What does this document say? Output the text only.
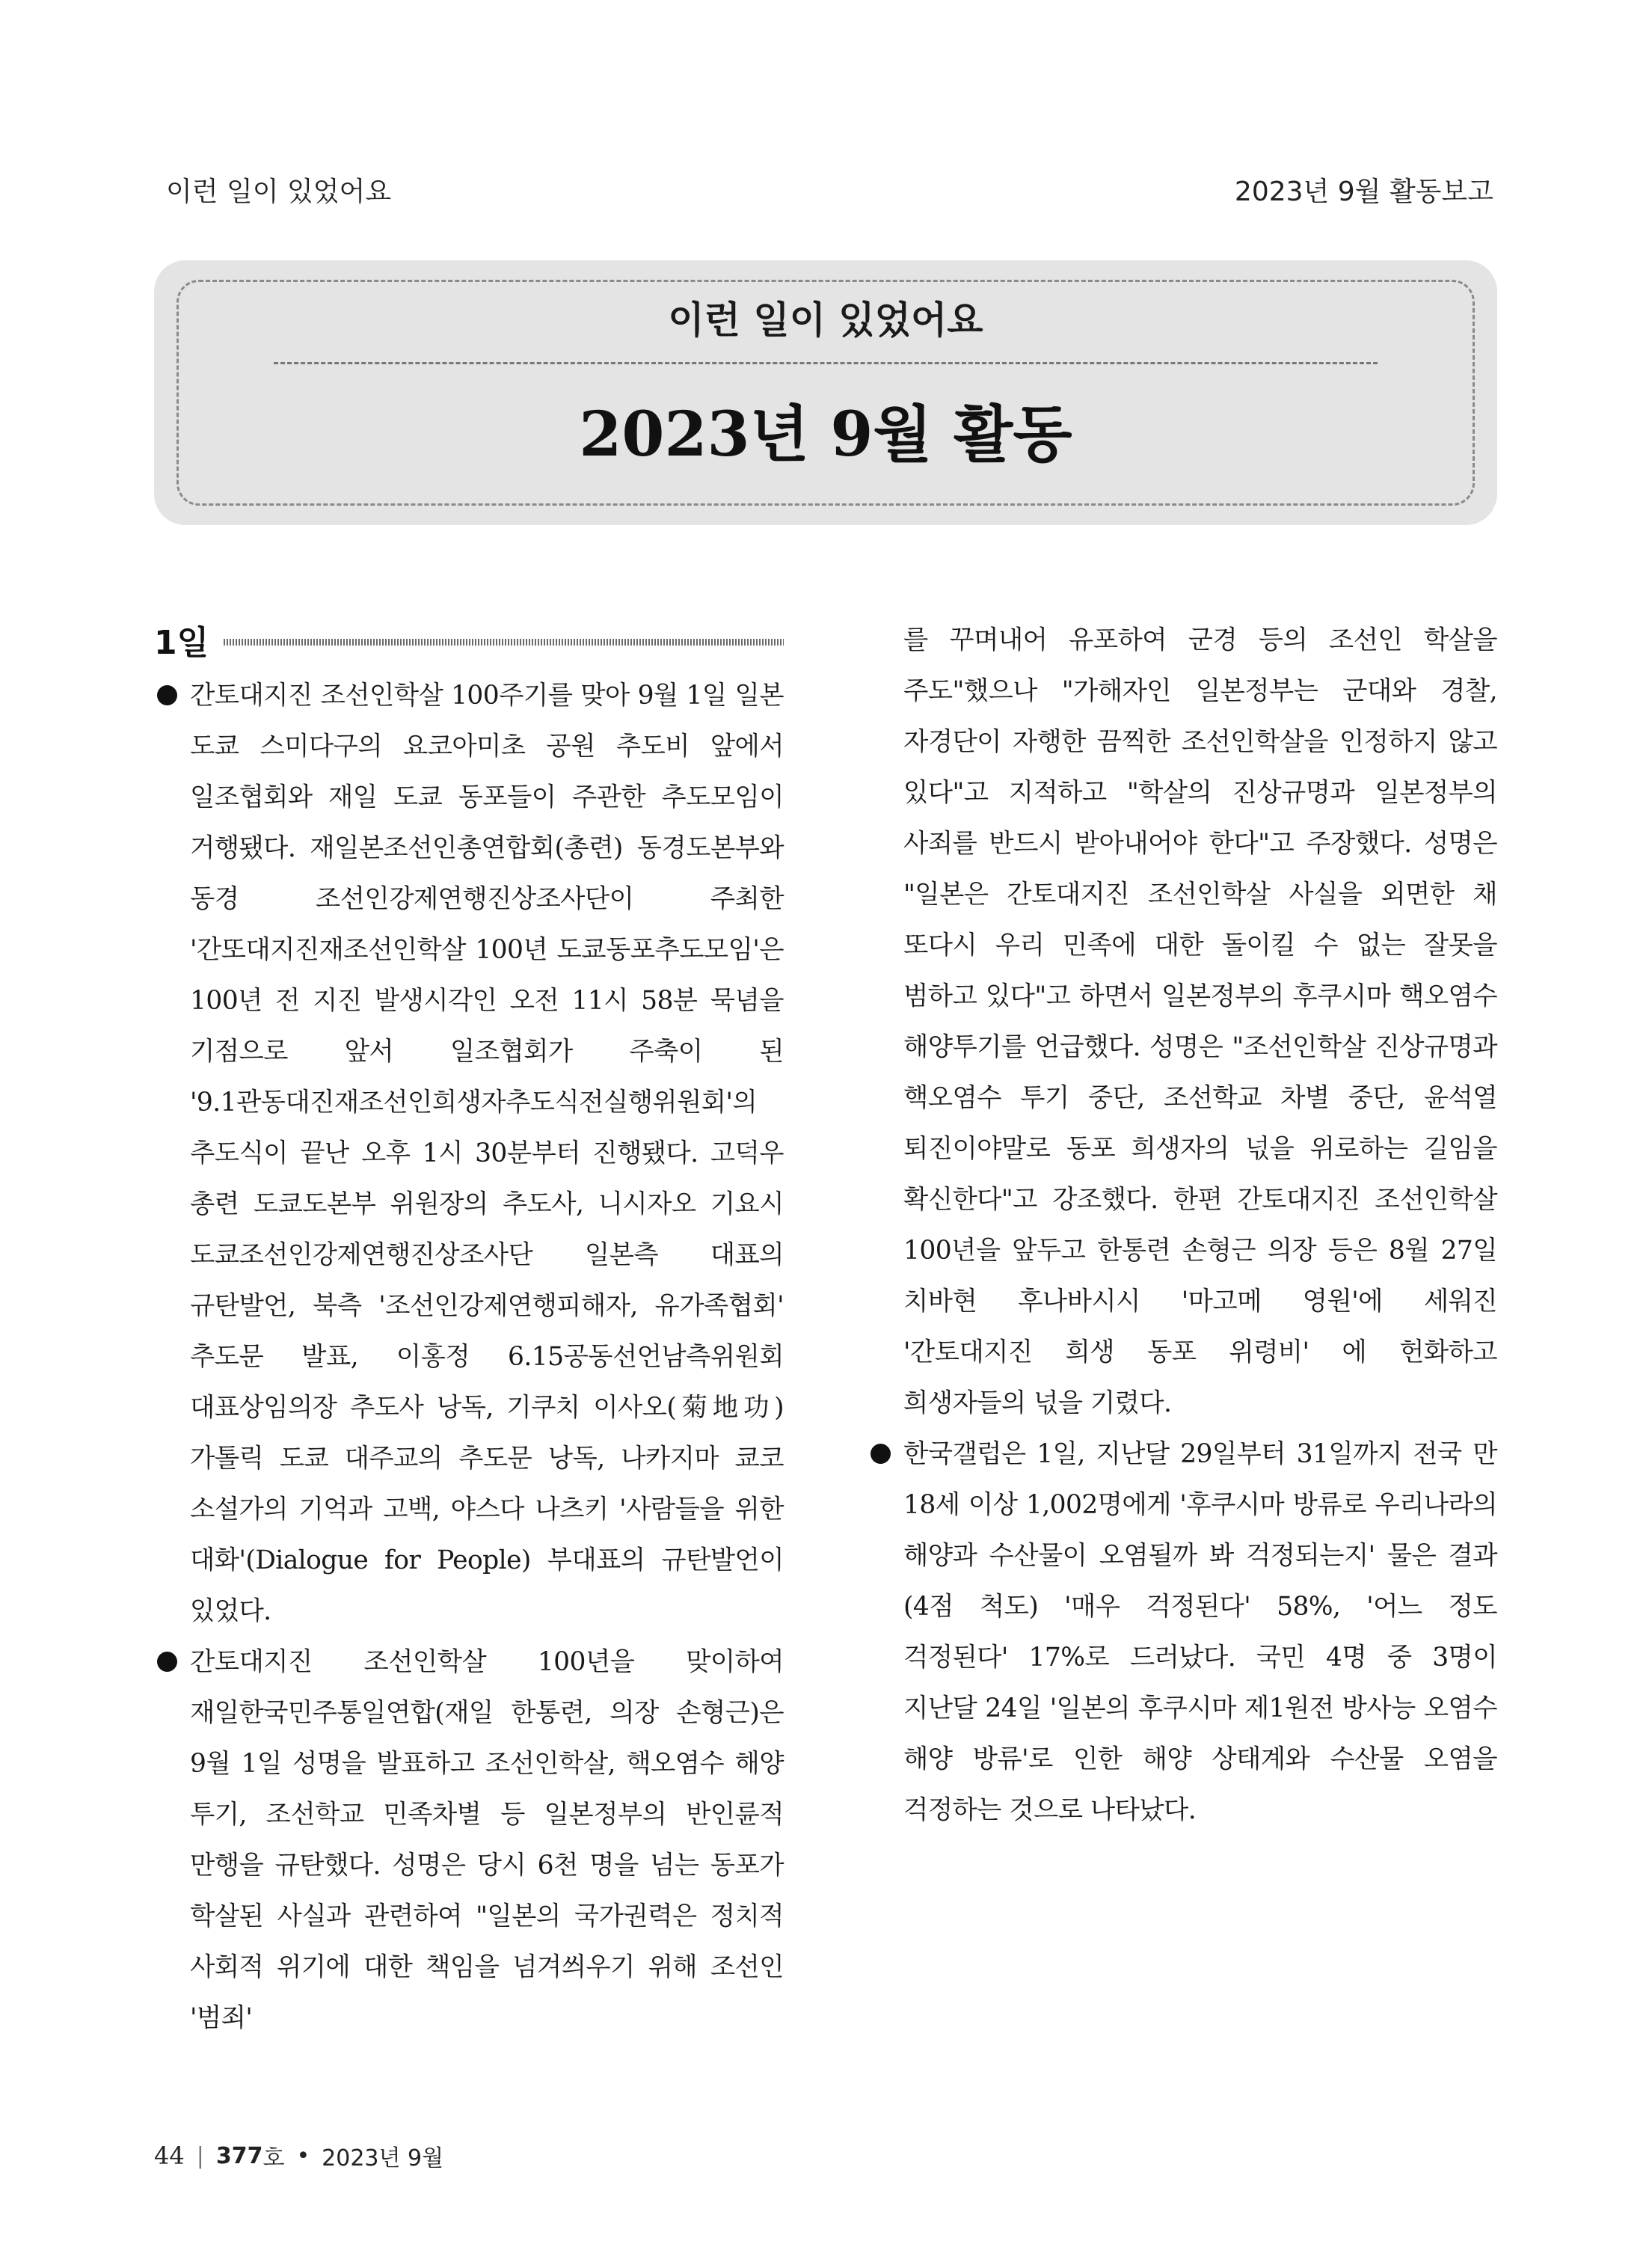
이런 일이 있었어요	2023년 9월 활동보고
이런 일이 있었어요
2023년 9월 활동
1일

간토대지진 조선인학살 100주기를 맞아 9월 1일 일본 도쿄 스미다구의 요코아미초 공원 추도비 앞에서 일조협회와 재일 도쿄 동포들이 주관한 추도모임이 거행됐다. 재일본조선인총연합회(총련) 동경도본부와 동경 조선인강제연행진상조사단이 주최한 '간또대지진재조선인학살 100년 도쿄동포추도모임'은 100년 전 지진 발생시각인 오전 11시 58분 묵념을 기점으로 앞서 일조협회가 주축이 된 '9.1관동대진재조선인희생자추도식전실행위원회'의 추도식이 끝난 오후 1시 30분부터 진행됐다. 고덕우 총련 도쿄도본부 위원장의 추도사, 니시자오 기요시 도쿄조선인강제연행진상조사단 일본측 대표의 규탄발언, 북측 '조선인강제연행피해자, 유가족협회' 추도문 발표, 이홍정 6.15공동선언남측위원회 대표상임의장 추도사 낭독, 기쿠치 이사오(菊地功) 가톨릭 도쿄 대주교의 추도문 낭독, 나카지마 쿄코 소설가의 기억과 고백, 야스다 나츠키 '사람들을 위한 대화'(Dialogue for People) 부대표의 규탄발언이 있었다.

간토대지진 조선인학살 100년을 맞이하여 재일한국민주통일연합(재일 한통련, 의장 손형근)은 9월 1일 성명을 발표하고 조선인학살, 핵오염수 해양 투기, 조선학교 민족차별 등 일본정부의 반인륜적 만행을 규탄했다. 성명은 당시 6천 명을 넘는 동포가 학살된 사실과 관련하여 "일본의 국가권력은 정치적 사회적 위기에 대한 책임을 넘겨씌우기 위해 조선인 '범죄'

를 꾸며내어 유포하여 군경 등의 조선인 학살을 주도"했으나 "가해자인 일본정부는 군대와 경찰, 자경단이 자행한 끔찍한 조선인학살을 인정하지 않고 있다"고 지적하고 "학살의 진상규명과 일본정부의 사죄를 반드시 받아내어야 한다"고 주장했다. 성명은 "일본은 간토대지진 조선인학살 사실을 외면한 채 또다시 우리 민족에 대한 돌이킬 수 없는 잘못을 범하고 있다"고 하면서 일본정부의 후쿠시마 핵오염수 해양투기를 언급했다. 성명은 "조선인학살 진상규명과 핵오염수 투기 중단, 조선학교 차별 중단, 윤석열 퇴진이야말로 동포 희생자의 넋을 위로하는 길임을 확신한다"고 강조했다. 한편 간토대지진 조선인학살 100년을 앞두고 한통련 손형근 의장 등은 8월 27일 치바현 후나바시시 '마고메 영원'에 세워진 '간토대지진 희생 동포 위령비' 에 헌화하고 희생자들의 넋을 기렸다.

한국갤럽은 1일, 지난달 29일부터 31일까지 전국 만 18세 이상 1,002명에게 '후쿠시마 방류로 우리나라의 해양과 수산물이 오염될까 봐 걱정되는지' 물은 결과(4점 척도) '매우 걱정된다' 58%, '어느 정도 걱정된다' 17%로 드러났다. 국민 4명 중 3명이 지난달 24일 '일본의 후쿠시마 제1원전 방사능 오염수 해양 방류'로 인한 해양 상태계와 수산물 오염을 걱정하는 것으로 나타났다.

44 | 377 호 • 2023년 9월
